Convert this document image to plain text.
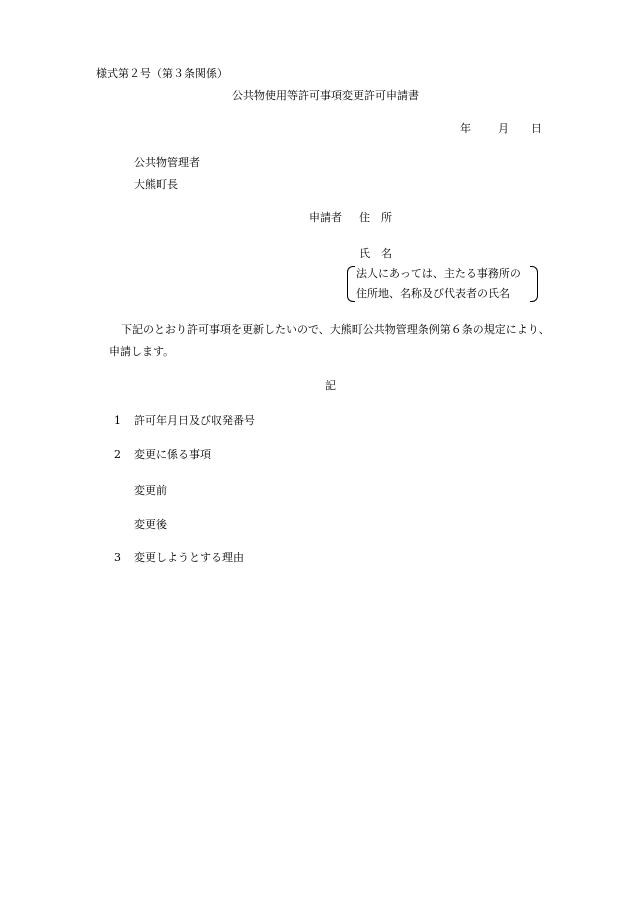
様式第２号（第３条関係）
公共物使用等許可事項変更許可申請書
年 月 日
公共物管理者
大熊町長
申請者 住　所
氏　名
法人にあっては、主たる事務所の
住所地、名称及び代表者の氏名
下記のとおり許可事項を更新したいので、大熊町公共物管理条例第６条の規定により、
申請します。
記
1 許可年月日及び収発番号
2 変更に係る事項
変更前
変更後
3 変更しようとする理由
